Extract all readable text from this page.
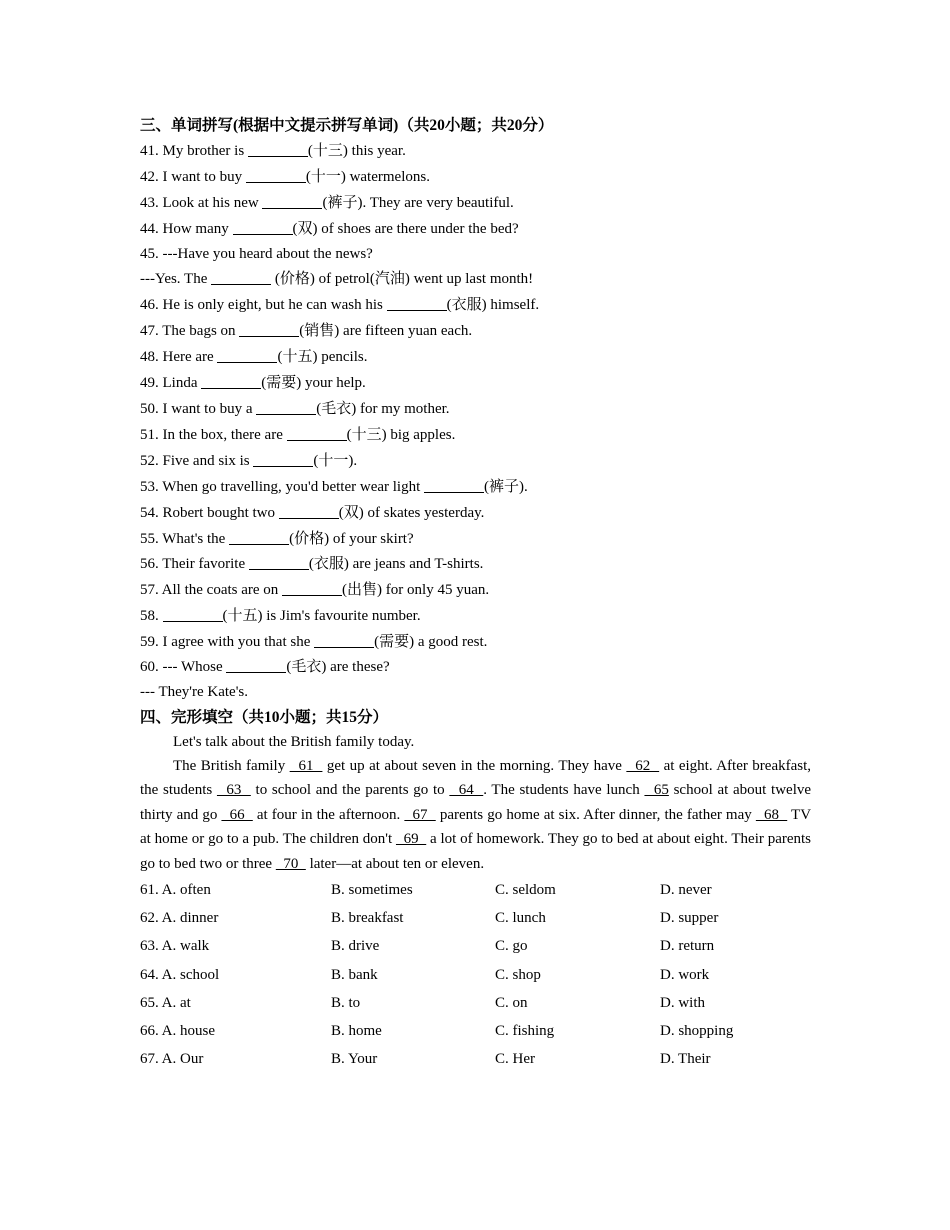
三、单词拼写(根据中文提示拼写单词)（共20小题；共20分）
41. My brother is	(十三) this year.
42. I want to buy	(十一) watermelons.
43. Look at his new	(裤子). They are very beautiful.
44. How many	(双) of shoes are there under the bed?
45. ---Have you heard about the news?
---Yes. The	(价格) of petrol(汽油) went up last month!
46. He is only eight, but he can wash his	(衣服) himself.
47. The bags on	(销售) are fifteen yuan each.
48. Here are	(十五) pencils.
49. Linda	(需要) your help.
50. I want to buy a	(毛衣) for my mother.
51. In the box, there are	(十三) big apples.
52. Five and six is	(十一).
53. When go travelling, you'd better wear light	(裤子).
54. Robert bought two	(双) of skates yesterday.
55. What's the	(价格) of your skirt?
56. Their favorite	(衣服) are jeans and T-shirts.
57. All the coats are on	(出售) for only 45 yuan.
58.	(十五) is Jim's favourite number.
59. I agree with you that she	(需要) a good rest.
60. --- Whose	(毛衣) are these?
--- They're Kate's.
四、完形填空（共10小题；共15分）
Let's talk about the British family today.
The British family   61   get up at about seven in the morning. They have   62   at eight. After breakfast, the students   63   to school and the parents go to   64  . The students have lunch   65 school at about twelve thirty and go   66   at four in the afternoon.   67   parents go home at six. After dinner, the father may   68   TV at home or go to a pub. The children don't   69   a lot of homework. They go to bed at about eight. Their parents go to bed two or three   70   later—at about ten or eleven.
61. A. often	B. sometimes	C. seldom	D. never
62. A. dinner	B. breakfast	C. lunch	D. supper
63. A. walk	B. drive	C. go	D. return
64. A. school	B. bank	C. shop	D. work
65. A. at	B. to	C. on	D. with
66. A. house	B. home	C. fishing	D. shopping
67. A. Our	B. Your	C. Her	D. Their
